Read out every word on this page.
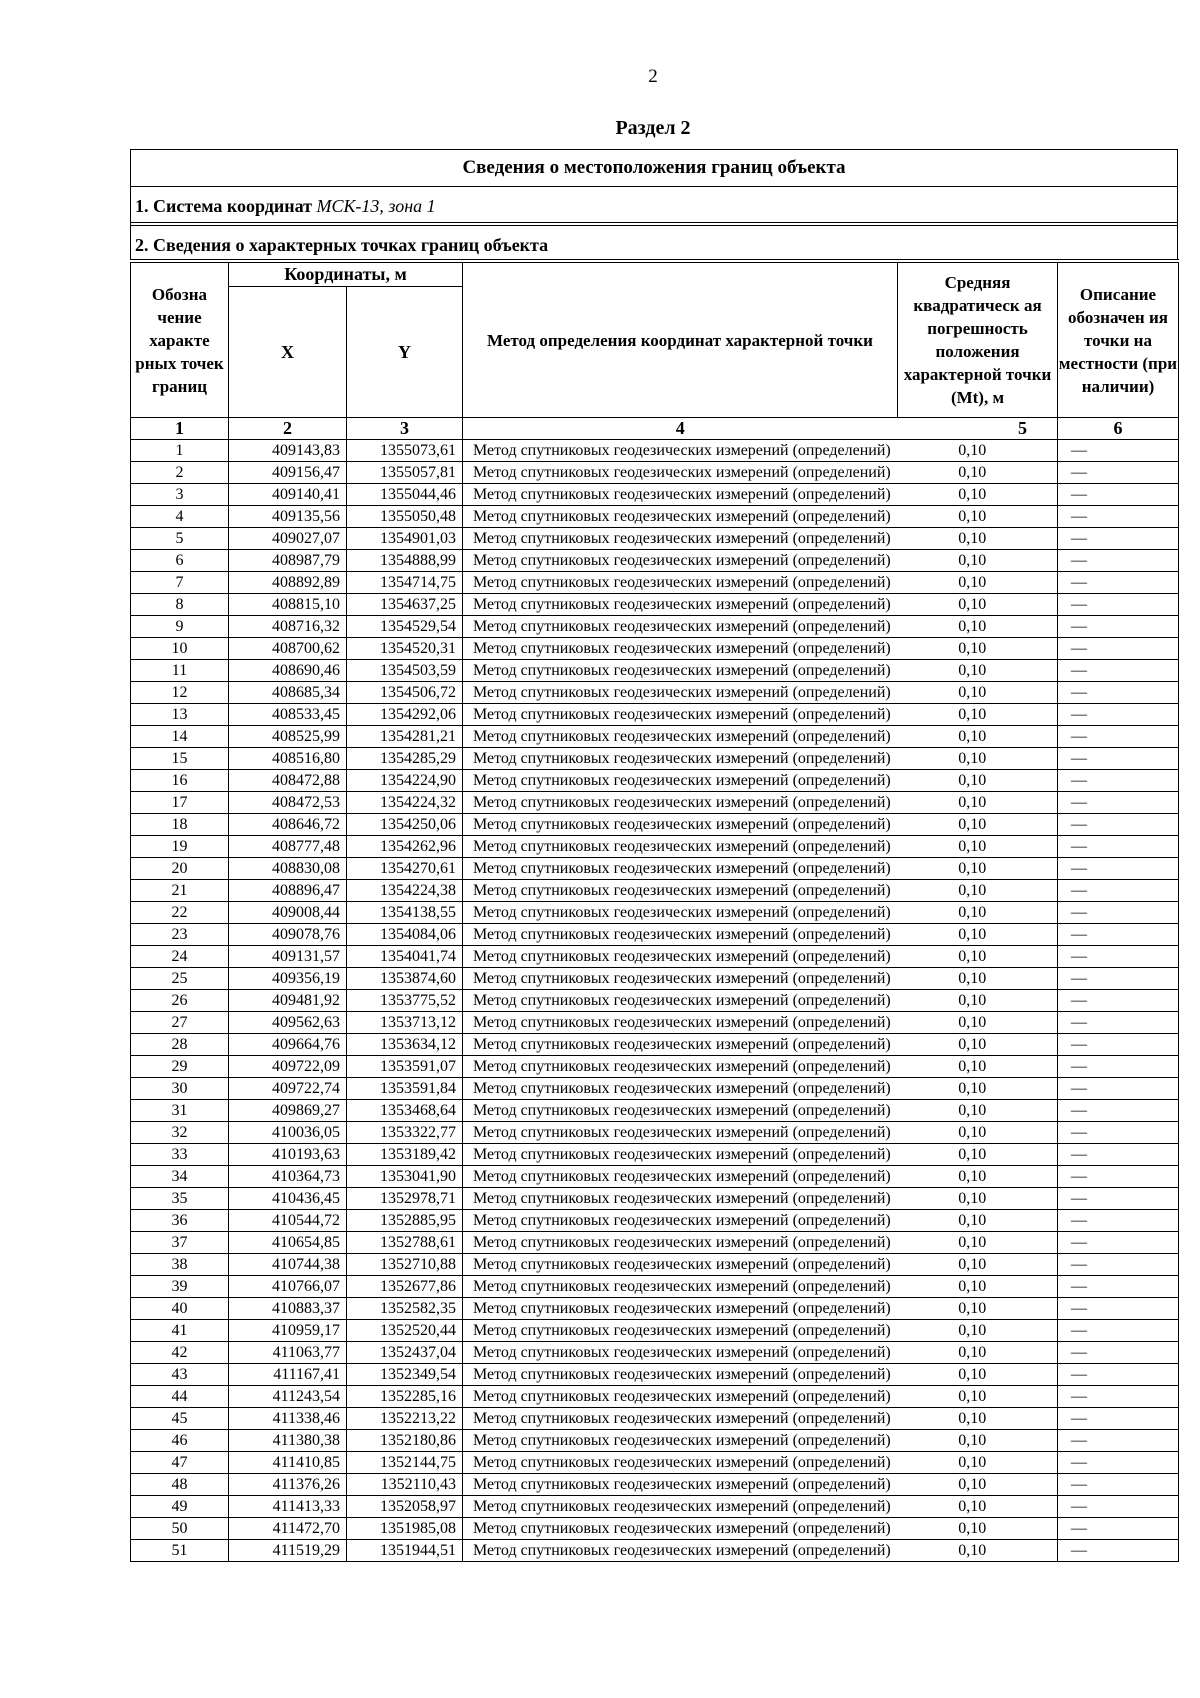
2
Раздел 2
Сведения о местоположения границ объекта
1. Система координат МСК-13, зона 1
2. Сведения о характерных точках границ объекта
Обозна чение характе рных точек границ	Координаты, м		Метод определения координат характерной точки	Средняя квадратическ ая погрешность положения характерной точки (Mt), м	Описание обозначен ия точки на местности (при наличии)
	X	Y			
1	2	3	4	5	6
1	409143,83	1355073,61	Метод спутниковых геодезических измерений (определений)	0,10	—
2	409156,47	1355057,81	Метод спутниковых геодезических измерений (определений)	0,10	—
3	409140,41	1355044,46	Метод спутниковых геодезических измерений (определений)	0,10	—
4	409135,56	1355050,48	Метод спутниковых геодезических измерений (определений)	0,10	—
5	409027,07	1354901,03	Метод спутниковых геодезических измерений (определений)	0,10	—
6	408987,79	1354888,99	Метод спутниковых геодезических измерений (определений)	0,10	—
7	408892,89	1354714,75	Метод спутниковых геодезических измерений (определений)	0,10	—
8	408815,10	1354637,25	Метод спутниковых геодезических измерений (определений)	0,10	—
9	408716,32	1354529,54	Метод спутниковых геодезических измерений (определений)	0,10	—
10	408700,62	1354520,31	Метод спутниковых геодезических измерений (определений)	0,10	—
11	408690,46	1354503,59	Метод спутниковых геодезических измерений (определений)	0,10	—
12	408685,34	1354506,72	Метод спутниковых геодезических измерений (определений)	0,10	—
13	408533,45	1354292,06	Метод спутниковых геодезических измерений (определений)	0,10	—
14	408525,99	1354281,21	Метод спутниковых геодезических измерений (определений)	0,10	—
15	408516,80	1354285,29	Метод спутниковых геодезических измерений (определений)	0,10	—
16	408472,88	1354224,90	Метод спутниковых геодезических измерений (определений)	0,10	—
17	408472,53	1354224,32	Метод спутниковых геодезических измерений (определений)	0,10	—
18	408646,72	1354250,06	Метод спутниковых геодезических измерений (определений)	0,10	—
19	408777,48	1354262,96	Метод спутниковых геодезических измерений (определений)	0,10	—
20	408830,08	1354270,61	Метод спутниковых геодезических измерений (определений)	0,10	—
21	408896,47	1354224,38	Метод спутниковых геодезических измерений (определений)	0,10	—
22	409008,44	1354138,55	Метод спутниковых геодезических измерений (определений)	0,10	—
23	409078,76	1354084,06	Метод спутниковых геодезических измерений (определений)	0,10	—
24	409131,57	1354041,74	Метод спутниковых геодезических измерений (определений)	0,10	—
25	409356,19	1353874,60	Метод спутниковых геодезических измерений (определений)	0,10	—
26	409481,92	1353775,52	Метод спутниковых геодезических измерений (определений)	0,10	—
27	409562,63	1353713,12	Метод спутниковых геодезических измерений (определений)	0,10	—
28	409664,76	1353634,12	Метод спутниковых геодезических измерений (определений)	0,10	—
29	409722,09	1353591,07	Метод спутниковых геодезических измерений (определений)	0,10	—
30	409722,74	1353591,84	Метод спутниковых геодезических измерений (определений)	0,10	—
31	409869,27	1353468,64	Метод спутниковых геодезических измерений (определений)	0,10	—
32	410036,05	1353322,77	Метод спутниковых геодезических измерений (определений)	0,10	—
33	410193,63	1353189,42	Метод спутниковых геодезических измерений (определений)	0,10	—
34	410364,73	1353041,90	Метод спутниковых геодезических измерений (определений)	0,10	—
35	410436,45	1352978,71	Метод спутниковых геодезических измерений (определений)	0,10	—
36	410544,72	1352885,95	Метод спутниковых геодезических измерений (определений)	0,10	—
37	410654,85	1352788,61	Метод спутниковых геодезических измерений (определений)	0,10	—
38	410744,38	1352710,88	Метод спутниковых геодезических измерений (определений)	0,10	—
39	410766,07	1352677,86	Метод спутниковых геодезических измерений (определений)	0,10	—
40	410883,37	1352582,35	Метод спутниковых геодезических измерений (определений)	0,10	—
41	410959,17	1352520,44	Метод спутниковых геодезических измерений (определений)	0,10	—
42	411063,77	1352437,04	Метод спутниковых геодезических измерений (определений)	0,10	—
43	411167,41	1352349,54	Метод спутниковых геодезических измерений (определений)	0,10	—
44	411243,54	1352285,16	Метод спутниковых геодезических измерений (определений)	0,10	—
45	411338,46	1352213,22	Метод спутниковых геодезических измерений (определений)	0,10	—
46	411380,38	1352180,86	Метод спутниковых геодезических измерений (определений)	0,10	—
47	411410,85	1352144,75	Метод спутниковых геодезических измерений (определений)	0,10	—
48	411376,26	1352110,43	Метод спутниковых геодезических измерений (определений)	0,10	—
49	411413,33	1352058,97	Метод спутниковых геодезических измерений (определений)	0,10	—
50	411472,70	1351985,08	Метод спутниковых геодезических измерений (определений)	0,10	—
51	411519,29	1351944,51	Метод спутниковых геодезических измерений (определений)	0,10	—
